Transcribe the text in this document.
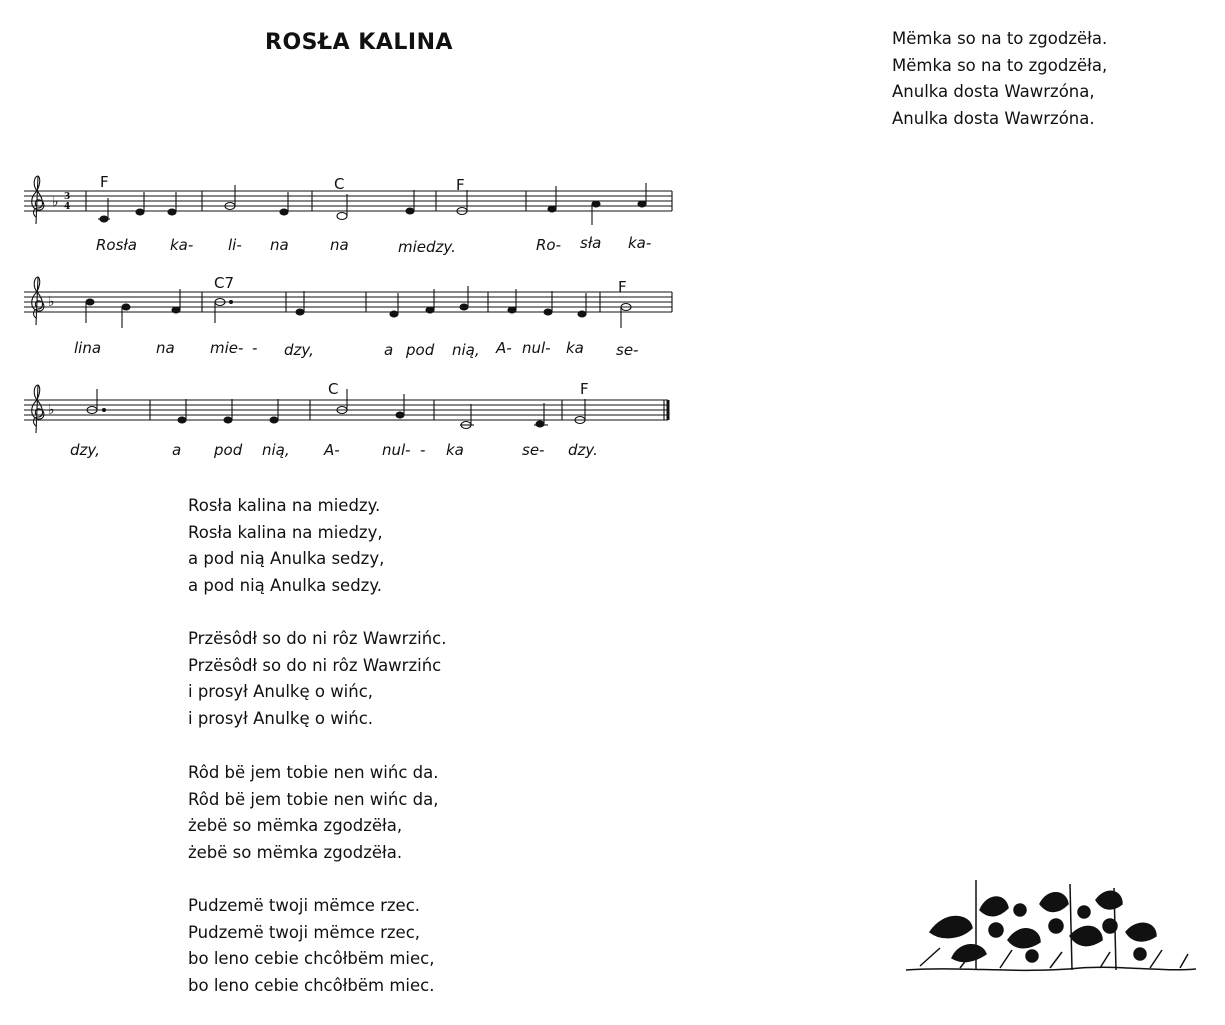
ROSŁA KALINA
♭ 3
4
♭
♭
F	C	F
C7	F
C	F
Rosła ka- li- na	na	miedzy.	Ro- sła ka-
lina	na mie- - dzy,	a pod nią, A- nul- ka se-
dzy,	a pod nią, A-	nul- - ka	se- dzy.
Rosła kalina na miedzy.
Rosła kalina na miedzy,
a pod nią Anulka sedzy,
a pod nią Anulka sedzy.
Przësôdł so do ni rôz Wawrzińc.
Przësôdł so do ni rôz Wawrzińc
i prosył Anulkę o wińc,
i prosył Anulkę o wińc.
Rôd bë jem tobie nen wińc da.
Rôd bë jem tobie nen wińc da,
żebë so mëmka zgodzëła,
żebë so mëmka zgodzëła.
Pudzemë twoji mëmce rzec.
Pudzemë twoji mëmce rzec,
bo leno cebie chcôłbëm miec,
bo leno cebie chcôłbëm miec.
Mëmka so na to zgodzëła.
Mëmka so na to zgodzëła,
Anulka dosta Wawrzóna,
Anulka dosta Wawrzóna.
